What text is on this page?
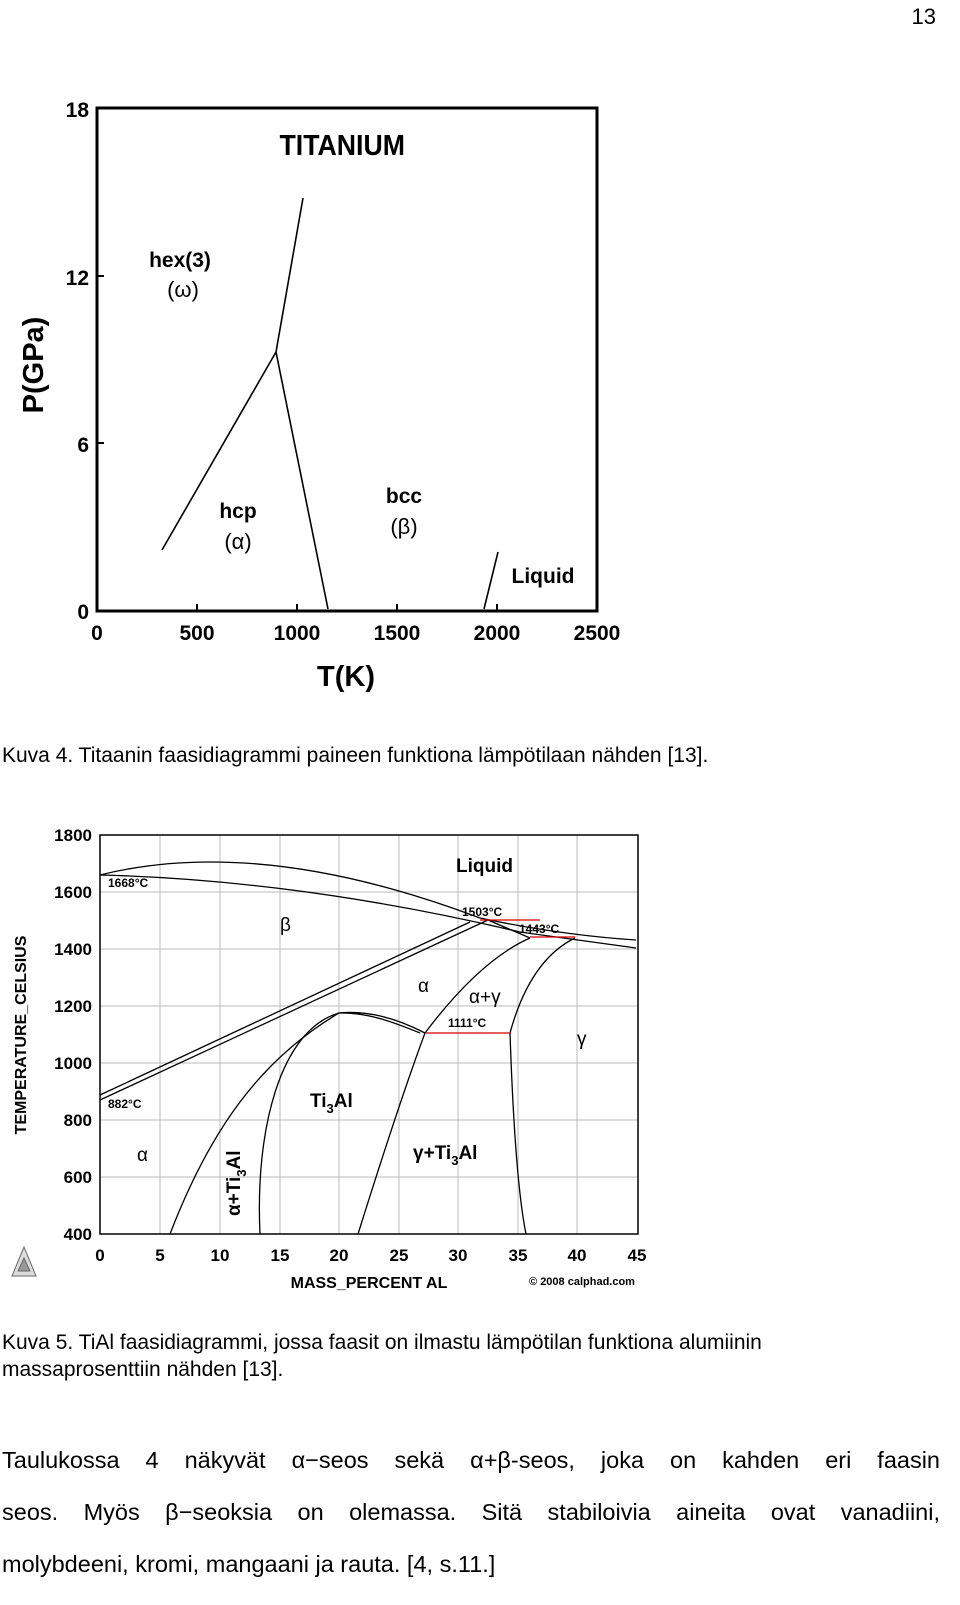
13
TITANIUM
0	500	1000	1500	2000	2500
0
6
12
18
T(K)
P(GPa)
hex(3)
(ω)
hcp
(α)
bcc
(β)
Liquid
Kuva 4. Titaanin faasidiagrammi paineen funktiona lämpötilaan nähden [13].
0	5	10 15 20 25 30 35 40 45
400
600
800
1000
1200
1400
1600
1800
TEMPERATURE_CELSIUS
MASS_PERCENT AL	© 2008 calphad.com
1668°C
1503°C
1443°C
1111°C
882°C
Liquid
β
α
α+γ
γ
α
$Ti_3Al$
$\gamma+Ti_3Al$
$\alpha+Ti_3Al$
Kuva 5. TiAl faasidiagrammi, jossa faasit on ilmastu lämpötilan funktiona alumiinin
massaprosenttiin nähden [13].
Taulukossa 4 näkyvät α−seos sekä α+β-seos, joka on kahden eri faasin
seos. Myös β−seoksia on olemassa. Sitä stabiloivia aineita ovat vanadiini,
molybdeeni, kromi, mangaani ja rauta. [4, s.11.]
